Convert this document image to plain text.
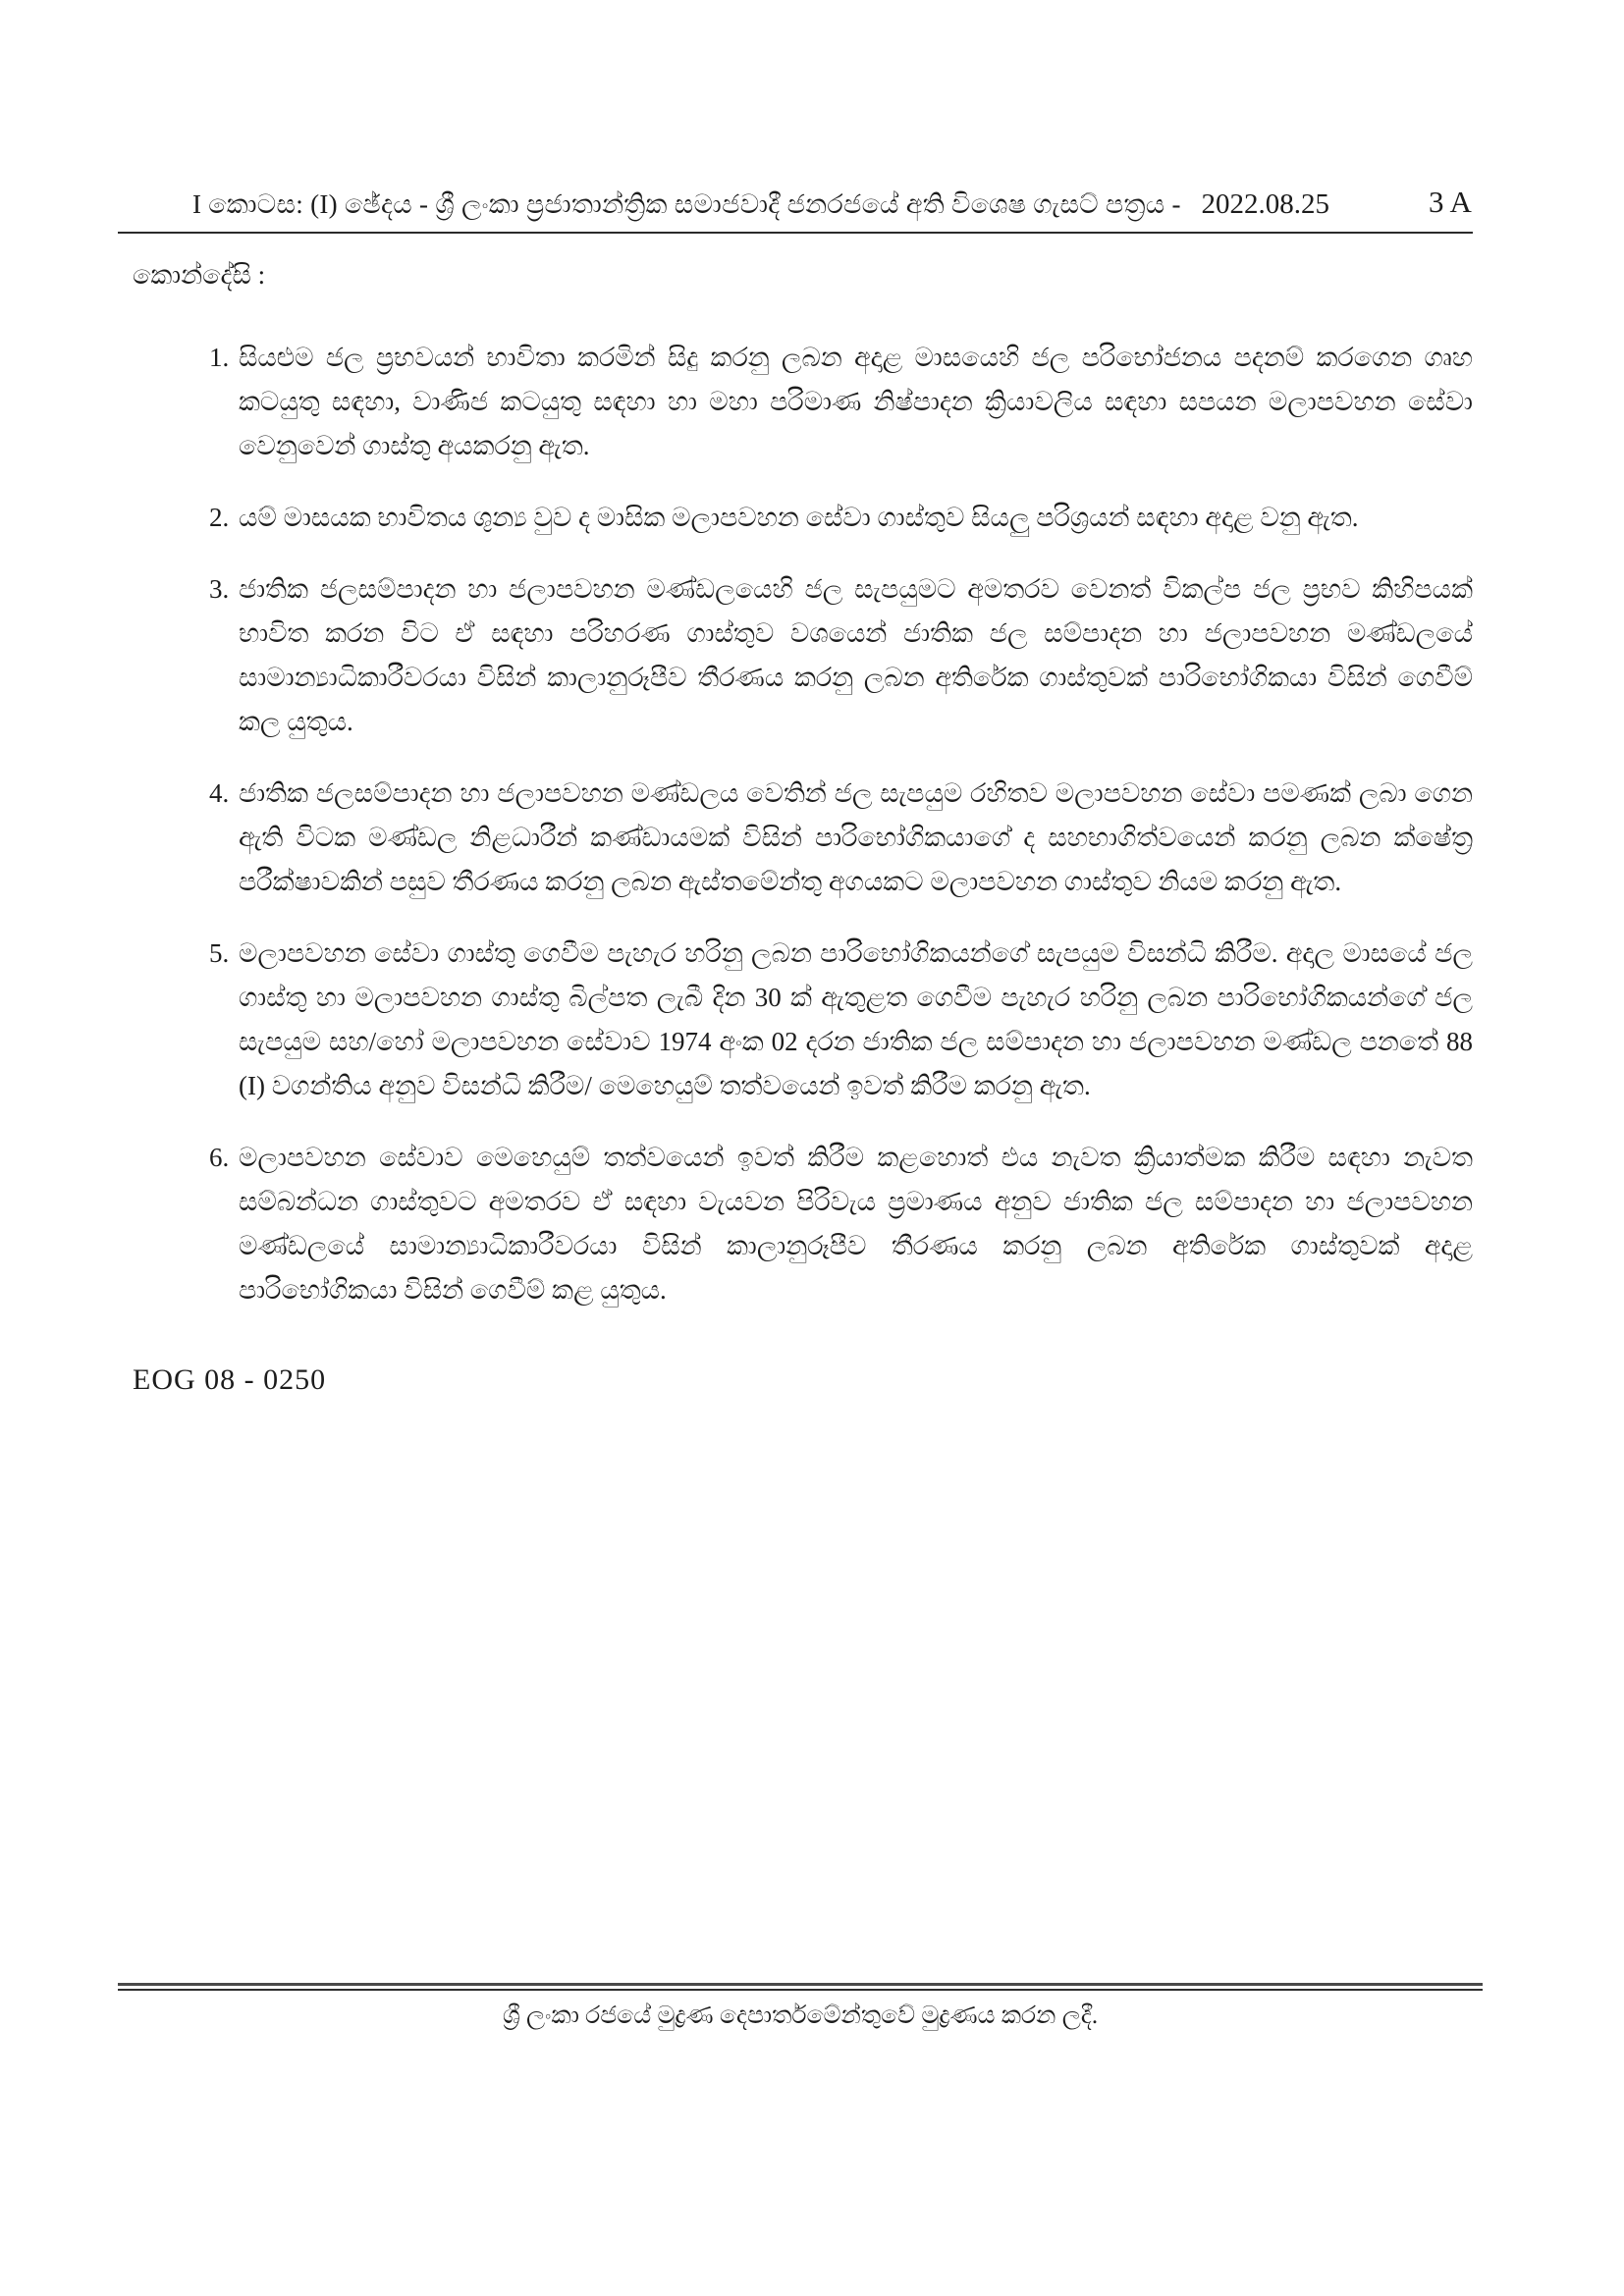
I කොටස: (I) ඡේදය - ශ්‍රී ලංකා ප්‍රජාතාන්ත්‍රික සමාජවාදී ජනරජයේ අති විශෙෂ ගැසට් පත්‍රය - 2022.08.25	3 A
කොන්දේසි :
1. සියළුම ජල ප්‍රභවයන් භාවිතා කරමින් සිදු කරනු ලබන අදාළ මාසයෙහි ජල පරිභෝජනය පදනම් කරගෙන ගෘහ කටයුතු සඳහා, වාණිජ කටයුතු සඳහා හා මහා පරිමාණ නිෂ්පාදන ක්‍රියාවලිය සඳහා සපයන මලාපවහන සේවා වෙනුවෙන් ගාස්තු අයකරනු ඇත.
2. යම් මාසයක භාවිතය ශුන්‍ය වුව ද මාසික මලාපවහන සේවා ගාස්තුව සියලු පරිශ්‍රයන් සඳහා අදාළ වනු ඇත.
3. ජාතික ජලසම්පාදන හා ජලාපවහන මණ්ඩලයෙහි ජල සැපයුමට අමතරව වෙනත් විකල්ප ජල ප්‍රභව කිහිපයක් භාවිත කරන විට ඒ සඳහා පරිහරණ ගාස්තුව වශයෙන් ජාතික ජල සම්පාදන හා ජලාපවහන මණ්ඩලයේ සාමාන්‍යාධිකාරීවරයා විසින් කාලානුරූපීව තීරණය කරනු ලබන අතිරේක ගාස්තුවක් පාරිභෝගිකයා විසින් ගෙවීම් කල යුතුය.
4. ජාතික ජලසම්පාදන හා ජලාපවහන මණ්ඩලය වෙතින් ජල සැපයුම රහිතව මලාපවහන සේවා පමණක් ලබා ගෙන ඇති විටක මණ්ඩල නිළධාරීන් කණ්ඩායමක් විසින් පාරිභෝගිකයාගේ ද සහභාගිත්වයෙන් කරනු ලබන ක්ෂේත්‍ර පරීක්ෂාවකින් පසුව තීරණය කරනු ලබන ඇස්තමේන්තු අගයකට මලාපවහන ගාස්තුව නියම කරනු ඇත.
5. මලාපවහන සේවා ගාස්තු ගෙවීම පැහැර හරිනු ලබන පාරිභෝගිකයන්ගේ සැපයුම විසන්ධි කිරීම. අදාල මාසයේ ජල ගාස්තු හා මලාපවහන ගාස්තු බිල්පත ලැබී දින 30 ක් ඇතුළත ගෙවීම පැහැර හරිනු ලබන පාරිභෝගිකයන්ගේ ජල සැපයුම සහ/හෝ මලාපවහන සේවාව 1974 අංක 02 දරන ජාතික ජල සම්පාදන හා ජලාපවහන මණ්ඩල පනතේ 88 (I) වගන්තිය අනුව විසන්ධි කිරීම/ මෙහෙයුම් තත්වයෙන් ඉවත් කිරීම කරනු ඇත.
6. මලාපවහන සේවාව මෙහෙයුම් තත්වයෙන් ඉවත් කිරීම කළහොත් එය නැවත ක්‍රියාත්මක කිරීම සඳහා නැවත සම්බන්ධන ගාස්තුවට අමතරව ඒ සඳහා වැයවන පිරිවැය ප්‍රමාණය අනුව ජාතික ජල සම්පාදන හා ජලාපවහන මණ්ඩලයේ සාමාන්‍යාධිකාරීවරයා විසින් කාලානුරූපීව තීරණය කරනු ලබන අතිරේක ගාස්තුවක් අදාළ පාරිභෝගිකයා විසින් ගෙවීම් කළ යුතුය.
EOG 08 - 0250
ශ්‍රී ලංකා රජයේ මුද්‍රණ දෙපාර්තමේන්තුවේ මුද්‍රණය කරන ලදී.
